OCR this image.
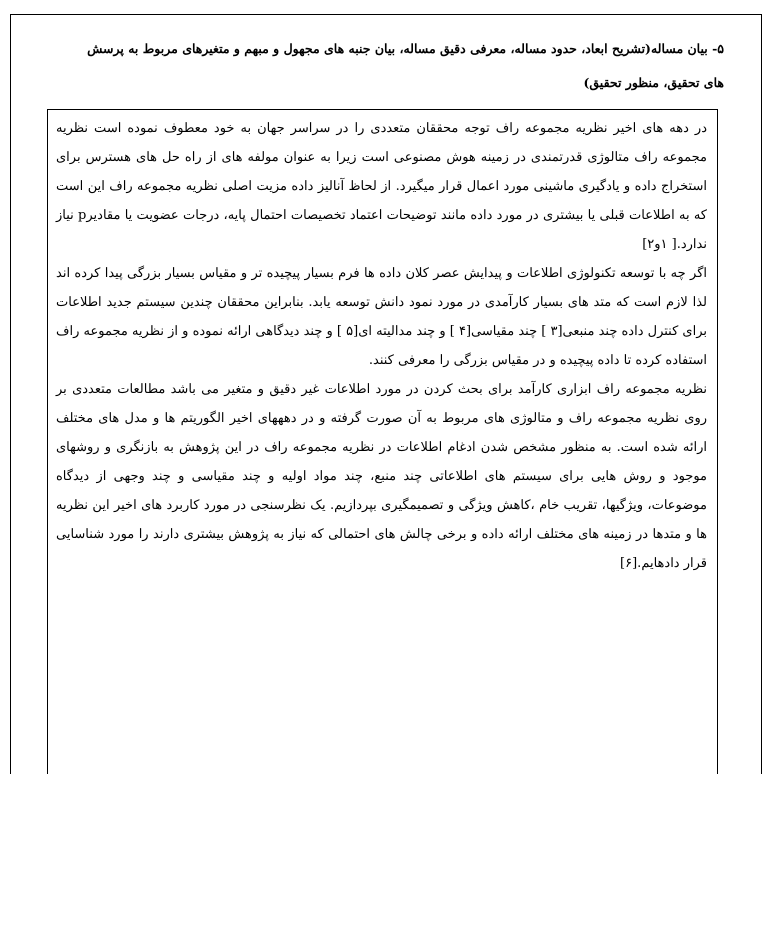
۵- بیان مساله(تشریح ابعاد، حدود مساله، معرفی دقیق مساله، بیان جنبه های مجهول و مبهم و متغیرهای مربوط به پرسش های تحقیق، منظور تحقیق)

در دهه های اخیر نظریه مجموعه راف توجه محققان متعددی را در سراسر جهان به خود معطوف نموده است نظریه مجموعه راف متالوژی قدرتمندی در زمینه هوش مصنوعی است زیرا به عنوان مولفه های از راه حل های هسترس برای استخراج داده و یادگیری ماشینی مورد اعمال قرار میگیرد. از لحاظ آنالیز داده مزیت اصلی نظریه مجموعه راف این است که به اطلاعات قبلی یا بیشتری در مورد داده مانند توضیحات اعتماد تخصیصات احتمال پایه، درجات عضویت یا مقادیرp نیاز ندارد.[ ۱و۲]

اگر چه با توسعه تکنولوژی اطلاعات و پیدایش عصر کلان داده ها فرم بسیار پیچیده تر و مقیاس بسیار بزرگی پیدا کرده اند لذا لازم است که متد های بسیار کارآمدی در مورد نمود دانش توسعه یابد. بنابراین محققان چندین سیستم جدید اطلاعات برای کنترل داده چند منبعی[۳ ] چند مقیاسی[۴ ] و چند مدالیته ای[۵ ] و چند دیدگاهی ارائه نموده و از نظریه مجموعه راف استفاده کرده تا داده پیچیده و در مقیاس بزرگی را معرفی کنند.

نظریه مجموعه راف ابزاری کارآمد برای بحث کردن در مورد اطلاعات غیر دقیق و متغیر می باشد مطالعات متعددی بر روی نظریه مجموعه راف و متالوژی های مربوط به آن صورت گرفته و در دهههای اخیر الگوریتم ها و مدل های مختلف ارائه شده است. به منظور مشخص شدن ادغام اطلاعات در نظریه مجموعه راف در این پژوهش به بازنگری و روشهای موجود و روش هایی برای سیستم های اطلاعاتی چند منبع، چند مواد اولیه و چند مقیاسی و چند وجهی از دیدگاه موضوعات، ویژگیها، تقریب خام ،کاهش ویژگی و تصمیمگیری بپردازیم. یک نظرسنجی در مورد کاربرد های اخیر این نظریه ها و متدها در زمینه های مختلف ارائه داده و برخی چالش های احتمالی که نیاز به پژوهش بیشتری دارند را مورد شناسایی قرار دادهایم.[۶]
